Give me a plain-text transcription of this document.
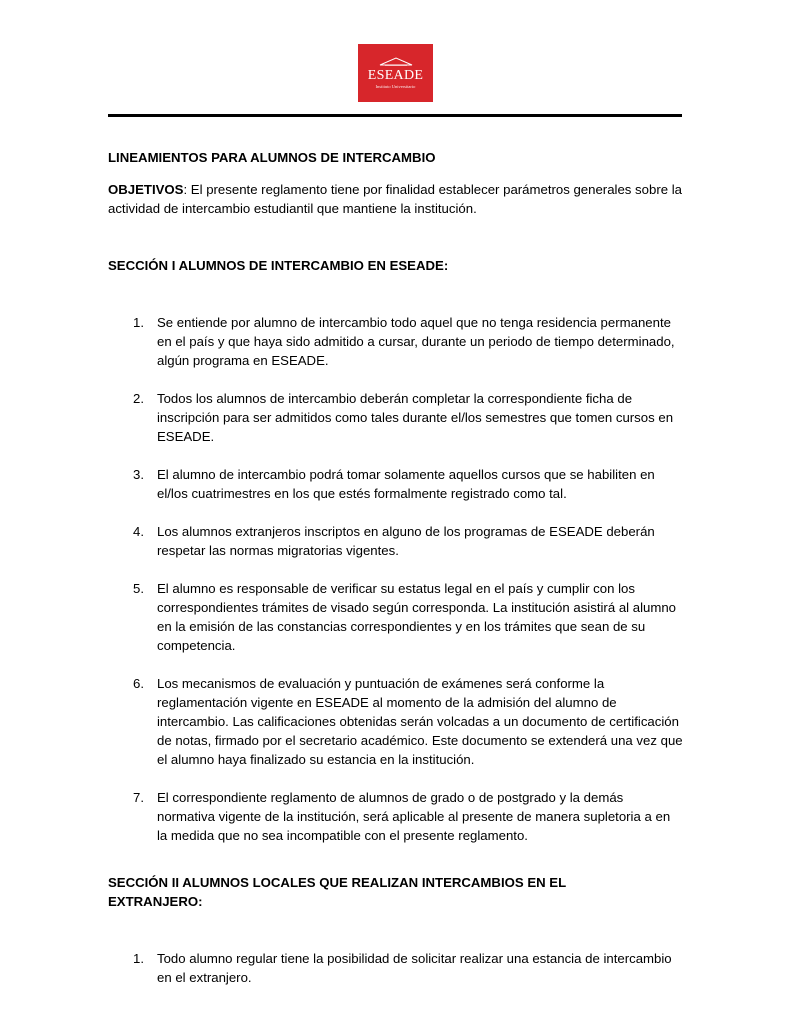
ESEADE
Instituto Universitario

LINEAMIENTOS PARA ALUMNOS DE INTERCAMBIO

OBJETIVOS: El presente reglamento tiene por finalidad establecer parámetros generales sobre la actividad de intercambio estudiantil que mantiene la institución.

SECCIÓN I ALUMNOS DE INTERCAMBIO EN ESEADE:

1. Se entiende por alumno de intercambio todo aquel que no tenga residencia permanente en el país y que haya sido admitido a cursar, durante un periodo de tiempo determinado, algún programa en ESEADE.
2. Todos los alumnos de intercambio deberán completar la correspondiente ficha de inscripción para ser admitidos como tales durante el/los semestres que tomen cursos en ESEADE.
3. El alumno de intercambio podrá tomar solamente aquellos cursos que se habiliten en el/los cuatrimestres en los que estés formalmente registrado como tal.
4. Los alumnos extranjeros inscriptos en alguno de los programas de ESEADE deberán respetar las normas migratorias vigentes.
5. El alumno es responsable de verificar su estatus legal en el país y cumplir con los correspondientes trámites de visado según corresponda. La institución asistirá al alumno en la emisión de las constancias correspondientes y en los trámites que sean de su competencia.
6. Los mecanismos de evaluación y puntuación de exámenes será conforme la reglamentación vigente en ESEADE al momento de la admisión del alumno de intercambio. Las calificaciones obtenidas serán volcadas a un documento de certificación de notas, firmado por el secretario académico. Este documento se extenderá una vez que el alumno haya finalizado su estancia en la institución.
7. El correspondiente reglamento de alumnos de grado o de postgrado y la demás normativa vigente de la institución, será aplicable al presente de manera supletoria a en la medida que no sea incompatible con el presente reglamento.

SECCIÓN II ALUMNOS LOCALES QUE REALIZAN INTERCAMBIOS EN EL EXTRANJERO:

1. Todo alumno regular tiene la posibilidad de solicitar realizar una estancia de intercambio en el extranjero.
